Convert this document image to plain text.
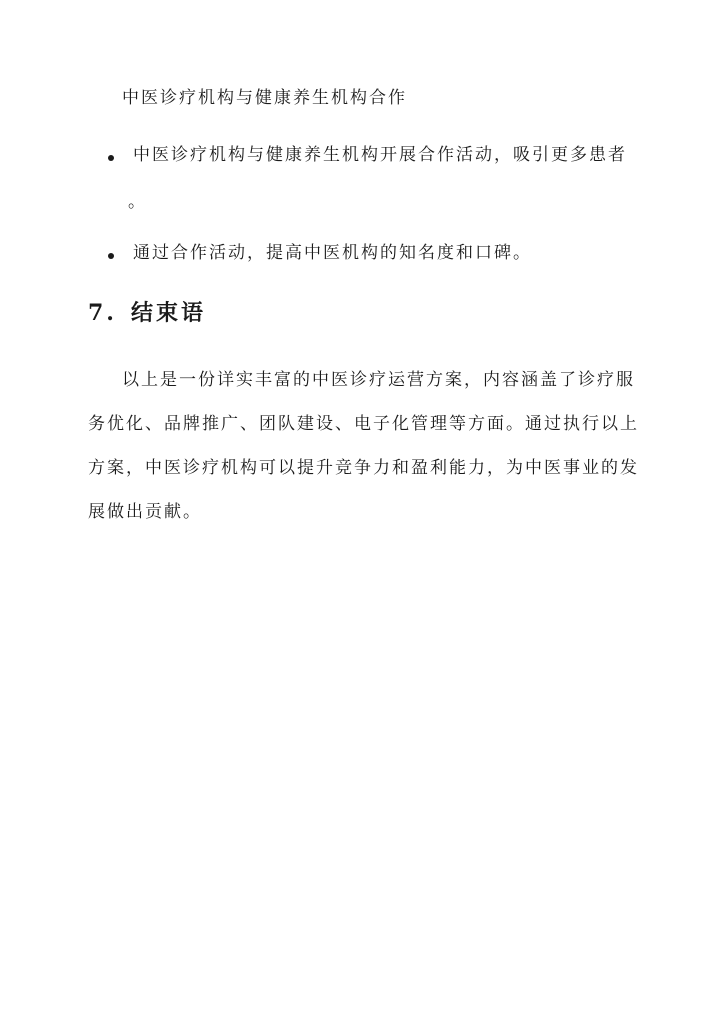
中医诊疗机构与健康养生机构合作
中医诊疗机构与健康养生机构开展合作活动，吸引更多患者
。
通过合作活动，提高中医机构的知名度和口碑。
7. 结束语
以上是一份详实丰富的中医诊疗运营方案，内容涵盖了诊疗服
务优化、品牌推广、团队建设、电子化管理等方面。通过执行以上
方案，中医诊疗机构可以提升竞争力和盈利能力，为中医事业的发
展做出贡献。
